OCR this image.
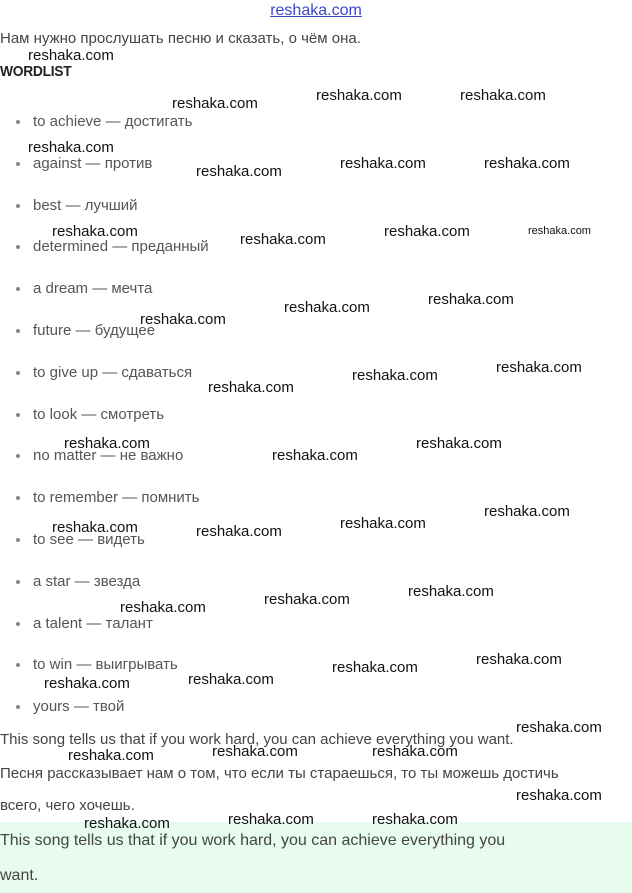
reshaka.com
Нам нужно прослушать песню и сказать, о чём она.
WORDLIST
to achieve — достигать
against — против
best — лучший
determined — преданный
a dream — мечта
future — будущее
to give up — сдаваться
to look — смотреть
no matter — не важно
to remember — помнить
to see — видеть
a star — звезда
a talent — талант
to win — выигрывать
yours — твой
This song tells us that if you work hard, you can achieve everything you want.
Песня рассказывает нам о том, что если ты стараешься, то ты можешь достичь
всего, чего хочешь.
This song tells us that if you work hard, you can achieve everything you
want.
reshaka.com
reshaka.com	reshaka.com	reshaka.com
reshaka.com
reshaka.com	reshaka.com	reshaka.com
reshaka.com	reshaka.com	reshaka.com	reshaka.com
reshaka.com	reshaka.com
reshaka.com
reshaka.com
reshaka.com
reshaka.com
reshaka.com	reshaka.com
reshaka.com
reshaka.com
reshaka.com	reshaka.com
reshaka.com
reshaka.com
reshaka.com
reshaka.com
reshaka.com
reshaka.com
reshaka.com
reshaka.com
reshaka.com
reshaka.com	reshaka.com	reshaka.com
reshaka.com
reshaka.com	reshaka.com	reshaka.com
